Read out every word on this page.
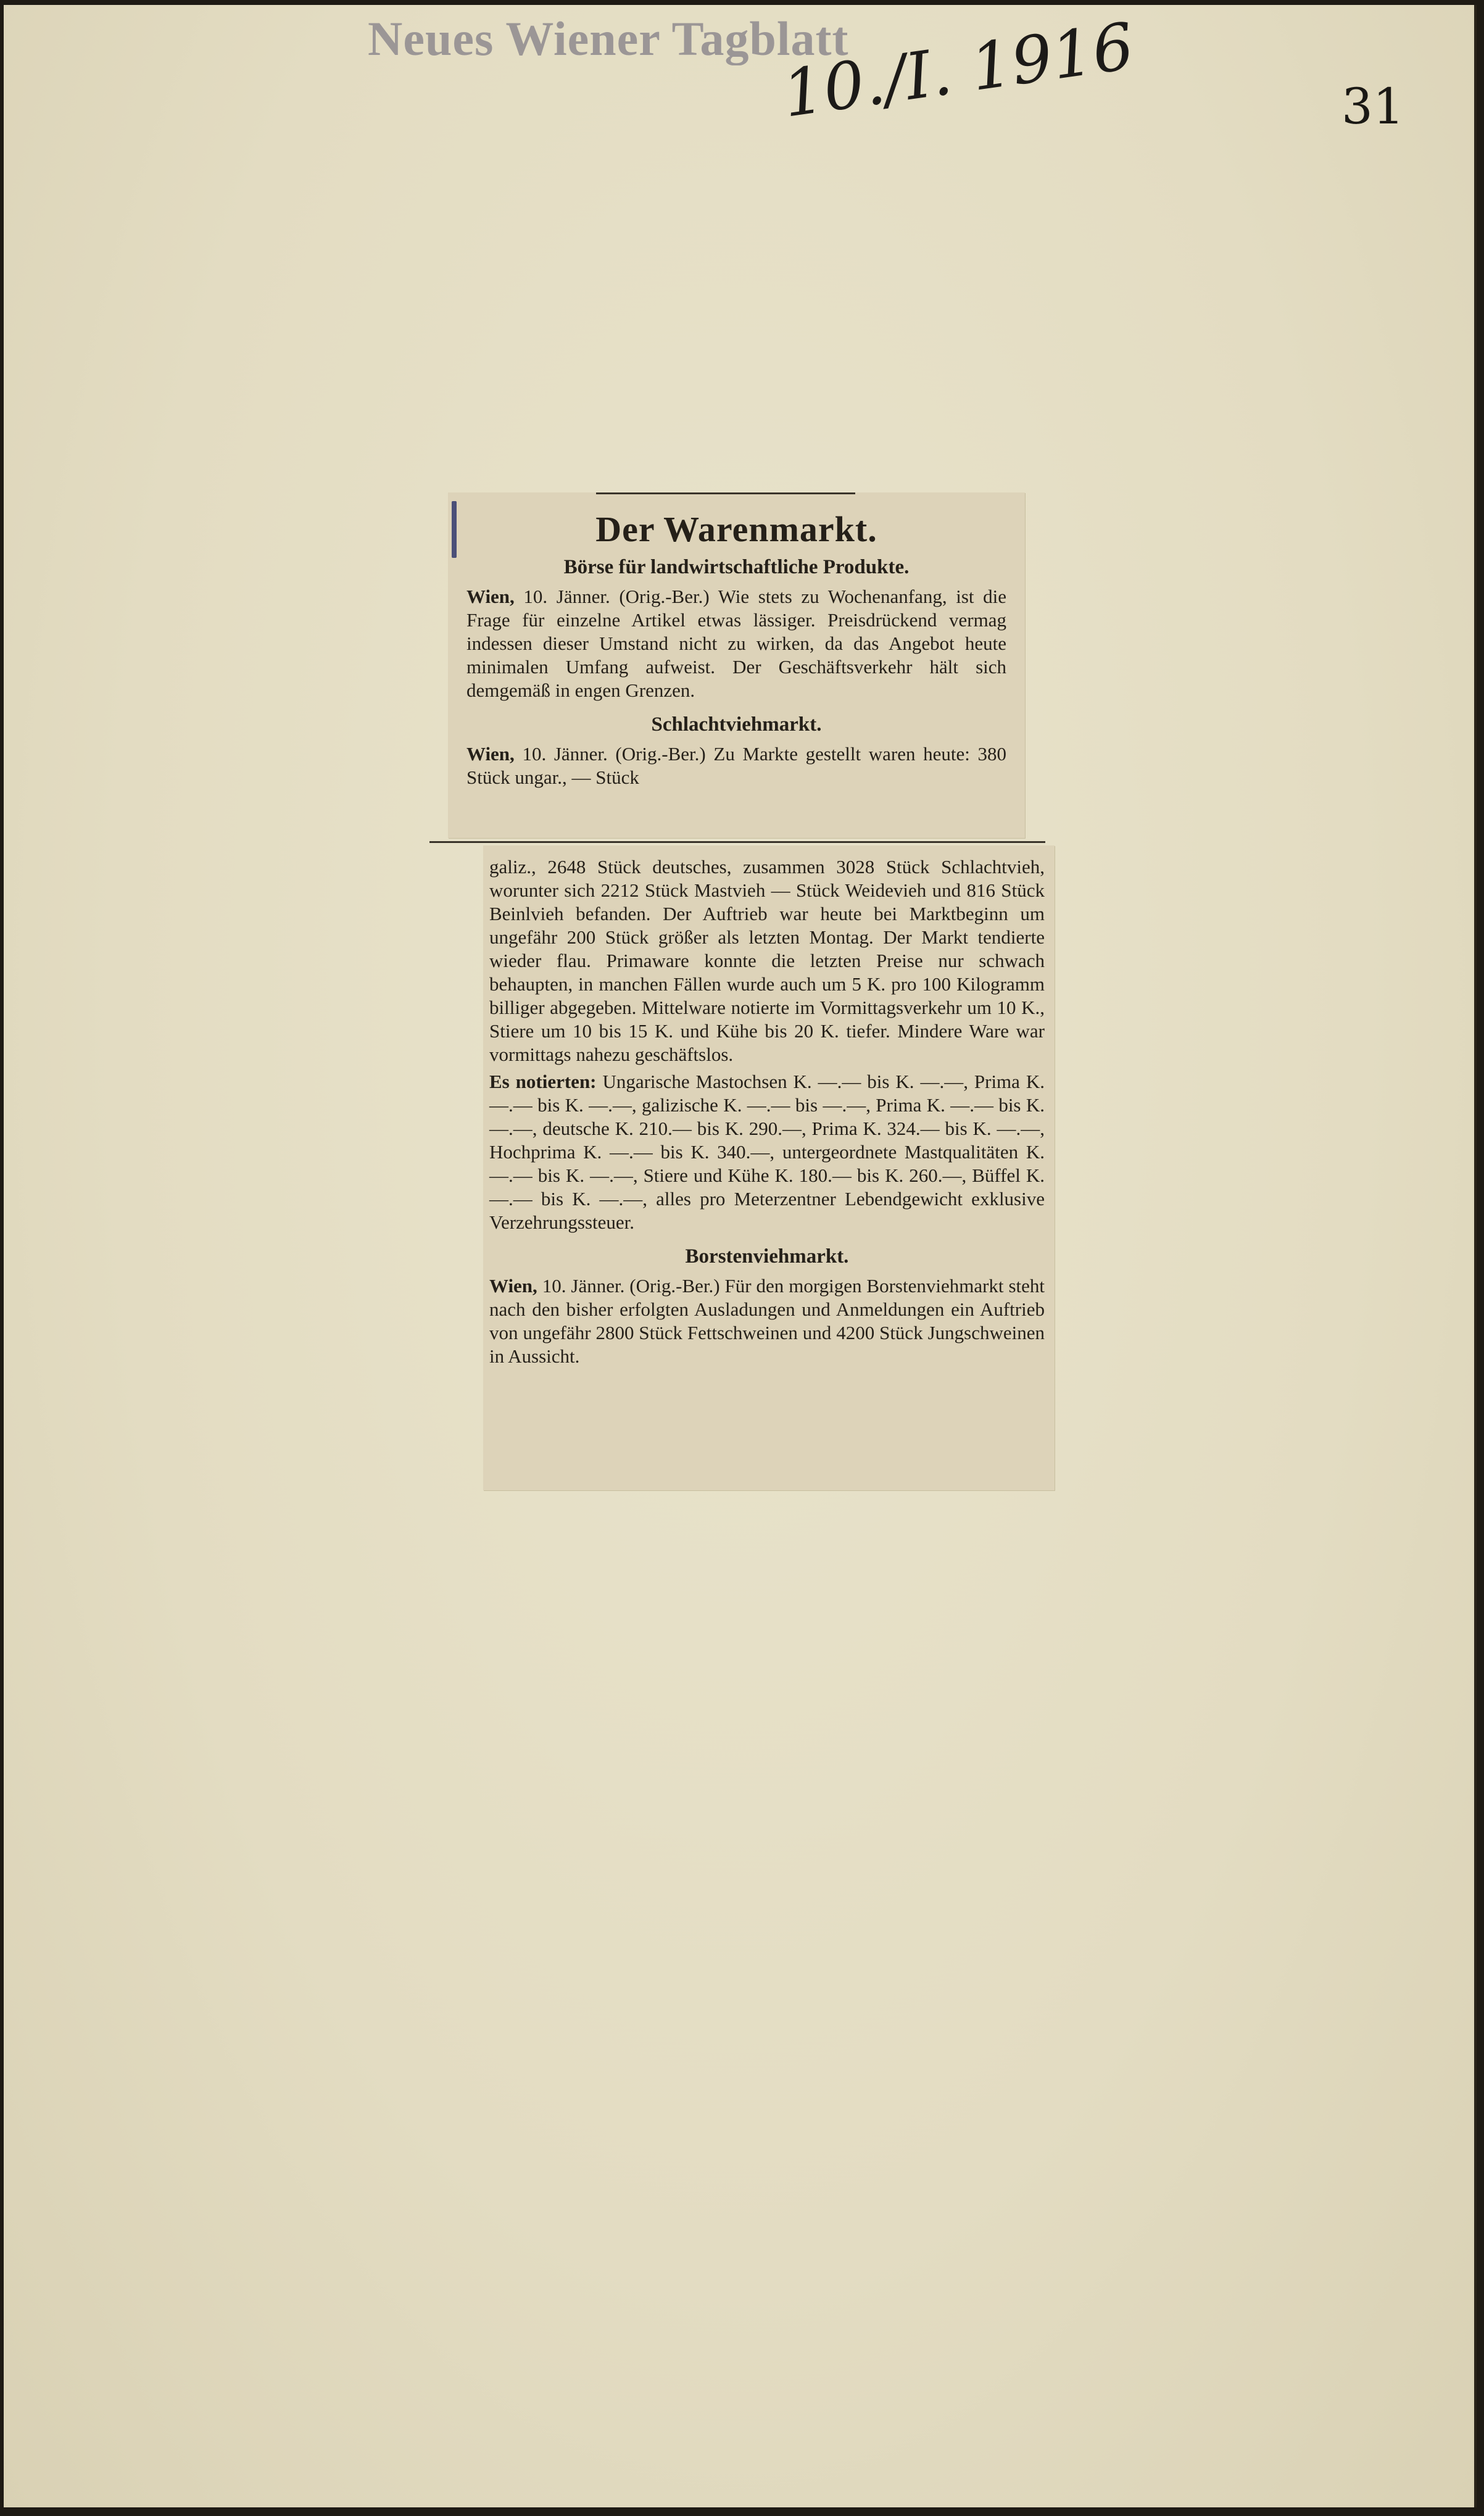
Neues Wiener Tagblatt
10./I. 1916	31
Der Warenmarkt.
Börse für landwirtschaftliche Produkte.

Wien, 10. Jänner. (Orig.-Ber.) Wie stets zu Wochenanfang, ist die Frage für einzelne Artikel etwas lässiger. Preisdrückend vermag indessen dieser Umstand nicht zu wirken, da das Angebot heute minimalen Umfang aufweist. Der Geschäftsverkehr hält sich demgemäß in engen Grenzen.

Schlachtviehmarkt.

Wien, 10. Jänner. (Orig.-Ber.) Zu Markte gestellt waren heute: 380 Stück ungar., — Stück

galiz., 2648 Stück deutsches, zusammen 3028 Stück Schlachtvieh, worunter sich 2212 Stück Mastvieh — Stück Weidevieh und 816 Stück Beinlvieh befanden. Der Auftrieb war heute bei Marktbeginn um ungefähr 200 Stück größer als letzten Montag. Der Markt tendierte wieder flau. Primaware konnte die letzten Preise nur schwach behaupten, in manchen Fällen wurde auch um 5 K. pro 100 Kilogramm billiger abgegeben. Mittelware notierte im Vormittagsverkehr um 10 K., Stiere um 10 bis 15 K. und Kühe bis 20 K. tiefer. Mindere Ware war vormittags nahezu geschäftslos.

Es notierten: Ungarische Mastochsen K. —.— bis K. —.—, Prima K. —.— bis K. —.—, galizische K. —.— bis —.—, Prima K. —.— bis K. —.—, deutsche K. 210.— bis K. 290.—, Prima K. 324.— bis K. —.—, Hochprima K. —.— bis K. 340.—, untergeordnete Mastqualitäten K. —.— bis K. —.—, Stiere und Kühe K. 180.— bis K. 260.—, Büffel K. —.— bis K. —.—, alles pro Meterzentner Lebendgewicht exklusive Verzehrungssteuer.

Borstenviehmarkt.

Wien, 10. Jänner. (Orig.-Ber.) Für den morgigen Borstenviehmarkt steht nach den bisher erfolgten Ausladungen und Anmeldungen ein Auftrieb von ungefähr 2800 Stück Fettschweinen und 4200 Stück Jungschweinen in Aussicht.
